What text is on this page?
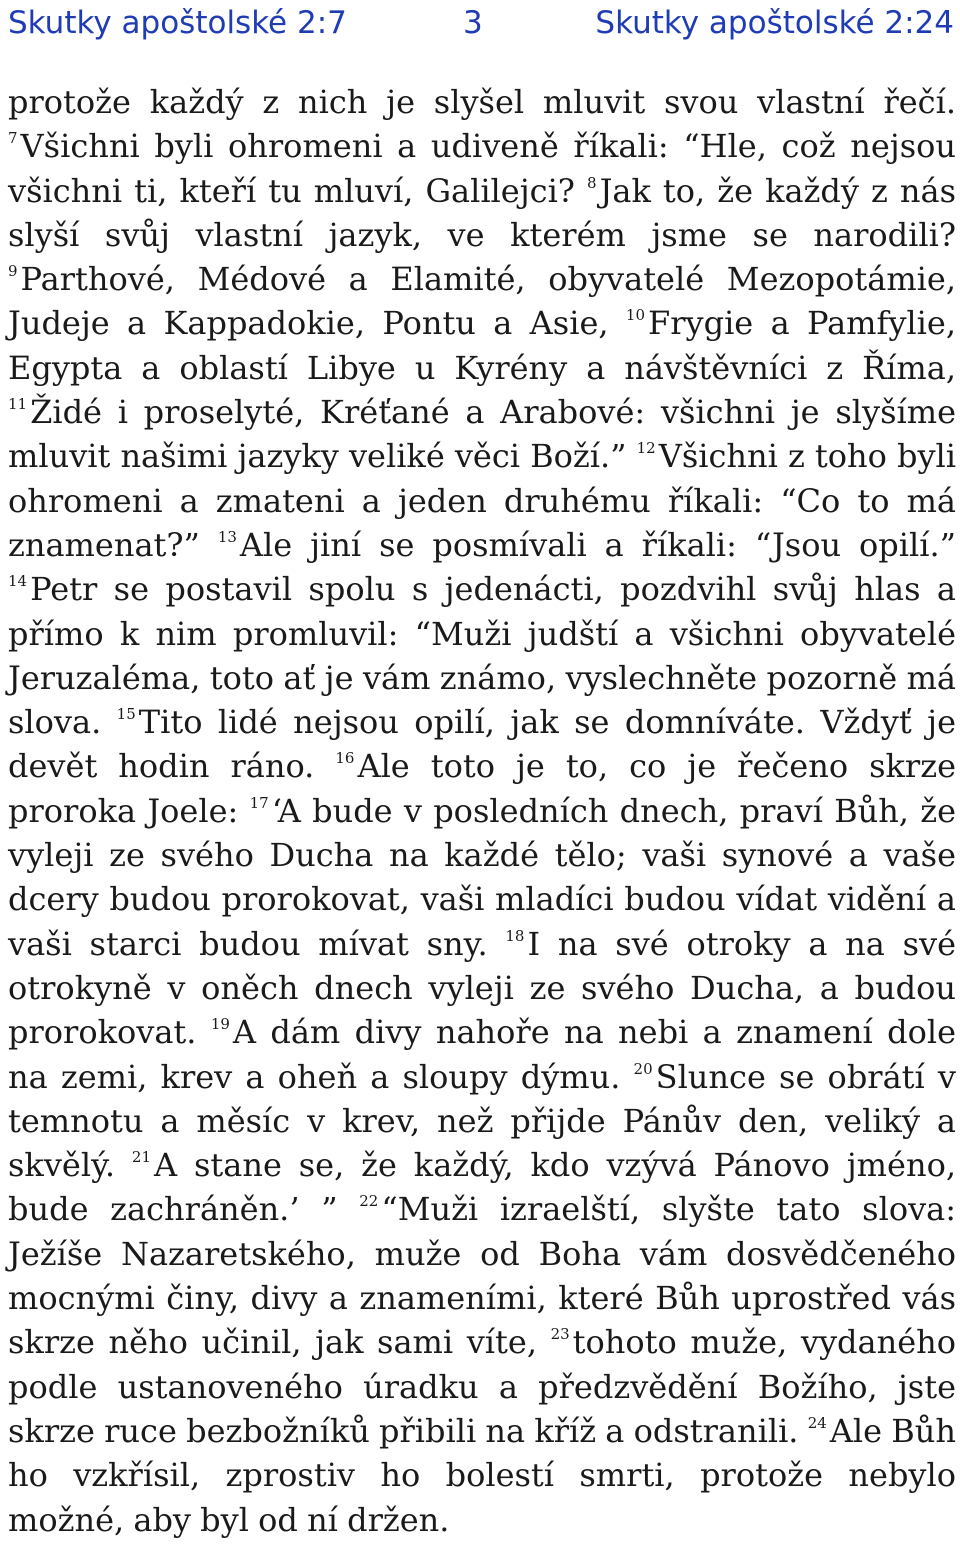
Skutky apoštolské 2:7	3	Skutky apoštolské 2:24
protože každý z nich je slyšel mluvit svou vlastní řečí. $^7$Všichni byli ohromeni a udiveně říkali: “Hle, což nejsou všichni ti, kteří tu mluví, Galilejci? $^8$Jak to, že každý z nás slyší svůj vlastní jazyk, ve kterém jsme se narodili? $^9$Parthové, Médové a Elamité, obyvatelé Mezopotámie, Judeje a Kappadokie, Pontu a Asie, $^{10}$Frygie a Pamfylie, Egypta a oblastí Libye u Kyrény a návštěvníci z Říma, $^{11}$Židé i proselyté, Kréťané a Arabové: všichni je slyšíme mluvit našimi jazyky veliké věci Boží.” $^{12}$Všichni z toho byli ohromeni a zmateni a jeden druhému říkali: “Co to má znamenat?” $^{13}$Ale jiní se posmívali a říkali: “Jsou opilí.” $^{14}$Petr se postavil spolu s jedenácti, pozdvihl svůj hlas a přímo k nim promluvil: “Muži judští a všichni obyvatelé Jeruzaléma, toto ať je vám známo, vyslechněte pozorně má slova. $^{15}$Tito lidé nejsou opilí, jak se domníváte. Vždyť je devět hodin ráno. $^{16}$Ale toto je to, co je řečeno skrze proroka Joele: $^{17}$‘A bude v posledních dnech, praví Bůh, že vyleji ze svého Ducha na každé tělo; vaši synové a vaše dcery budou prorokovat, vaši mladíci budou vídat vidění a vaši starci budou mívat sny. $^{18}$I na své otroky a na své otrokyně v oněch dnech vyleji ze svého Ducha, a budou prorokovat. $^{19}$A dám divy nahoře na nebi a znamení dole na zemi, krev a oheň a sloupy dýmu. $^{20}$Slunce se obrátí v temnotu a měsíc v krev, než přijde Pánův den, veliký a skvělý. $^{21}$A stane se, že každý, kdo vzývá Pánovo jméno, bude zachráněn.’ ” $^{22}$“Muži izraelští, slyšte tato slova: Ježíše Nazaretského, muže od Boha vám dosvědčeného mocnými činy, divy a znameními, které Bůh uprostřed vás skrze něho učinil, jak sami víte, $^{23}$tohoto muže, vydaného podle ustanoveného úradku a předzvědění Božího, jste skrze ruce bezbožníků přibili na kříž a odstranili. $^{24}$Ale Bůh ho vzkřísil, zprostiv ho bolestí smrti, protože nebylo možné, aby byl od ní držen.
